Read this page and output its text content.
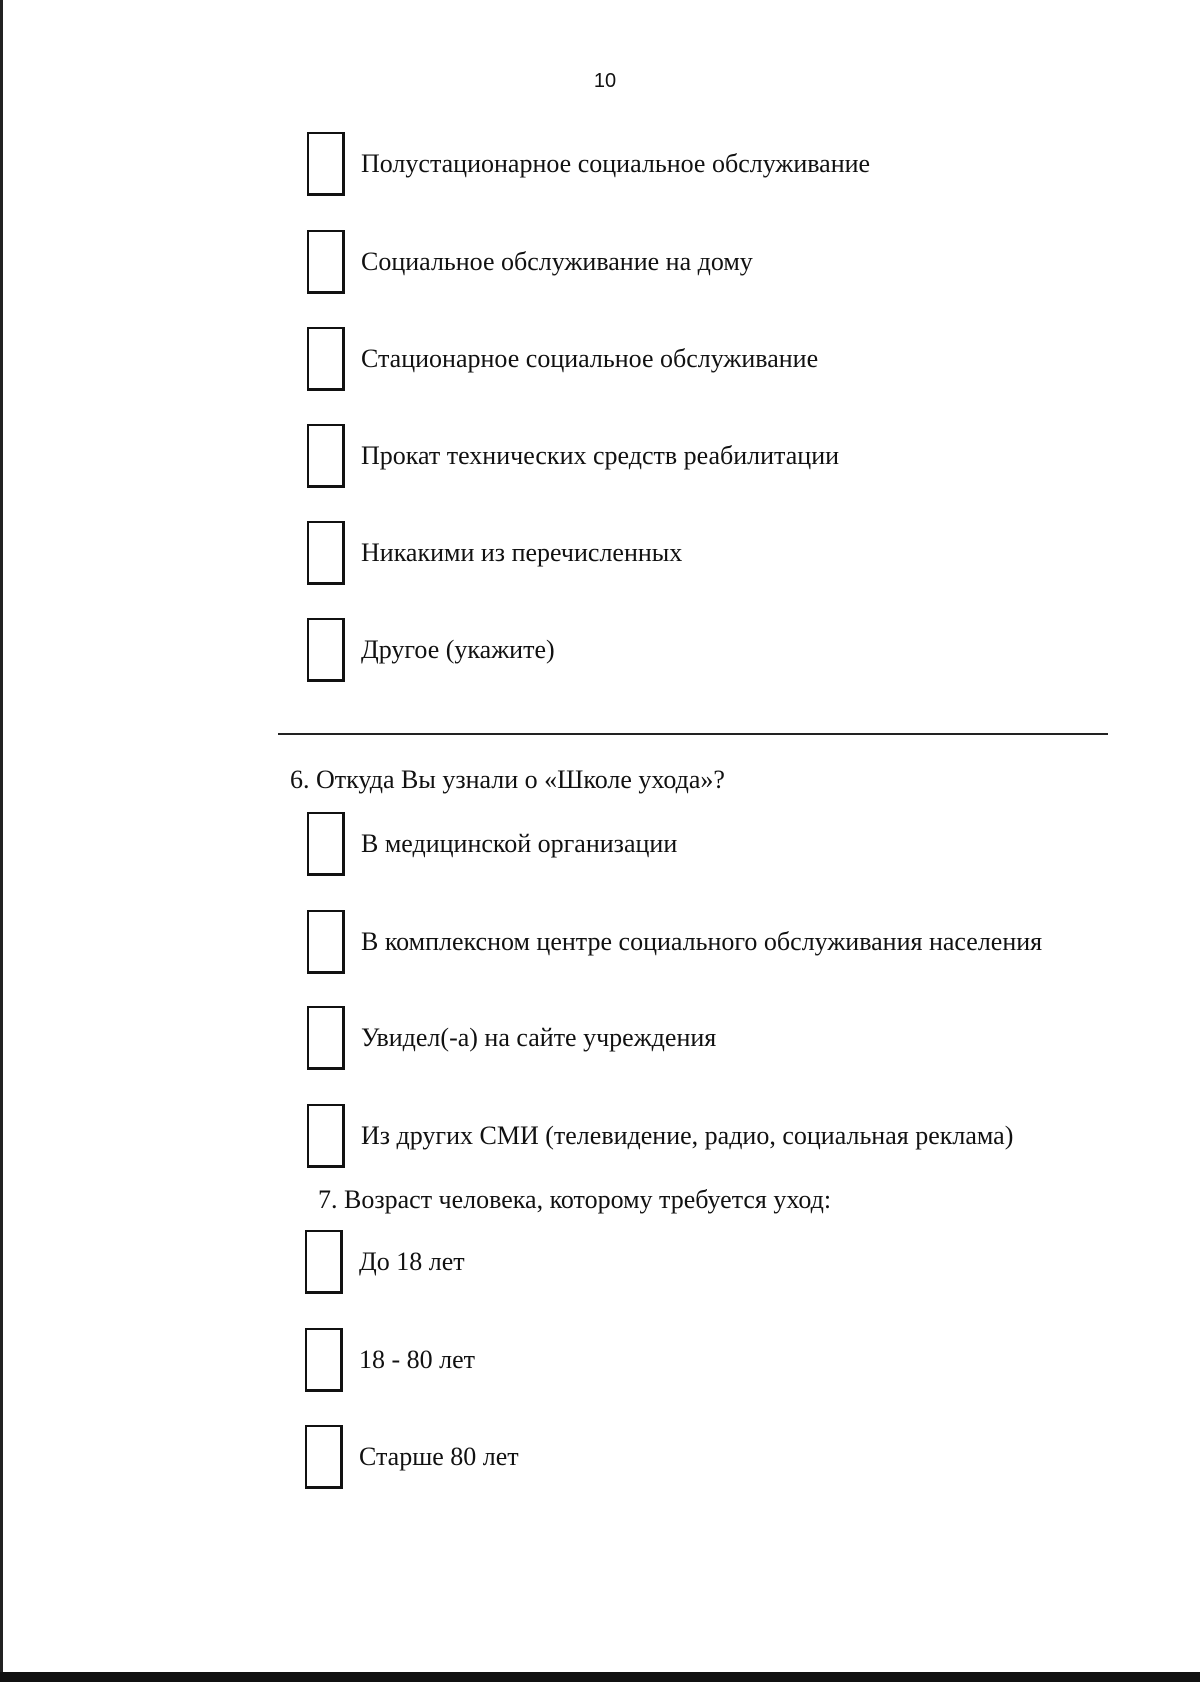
10
Полустационарное социальное обслуживание
Социальное обслуживание на дому
Стационарное социальное обслуживание
Прокат технических средств реабилитации
Никакими из перечисленных
Другое (укажите)
6. Откуда Вы узнали о «Школе ухода»?
В медицинской организации
В комплексном центре социального обслуживания населения
Увидел(-а) на сайте учреждения
Из других СМИ (телевидение, радио, социальная реклама)
7. Возраст человека, которому требуется уход:
До 18 лет
18 - 80 лет
Старше 80 лет
